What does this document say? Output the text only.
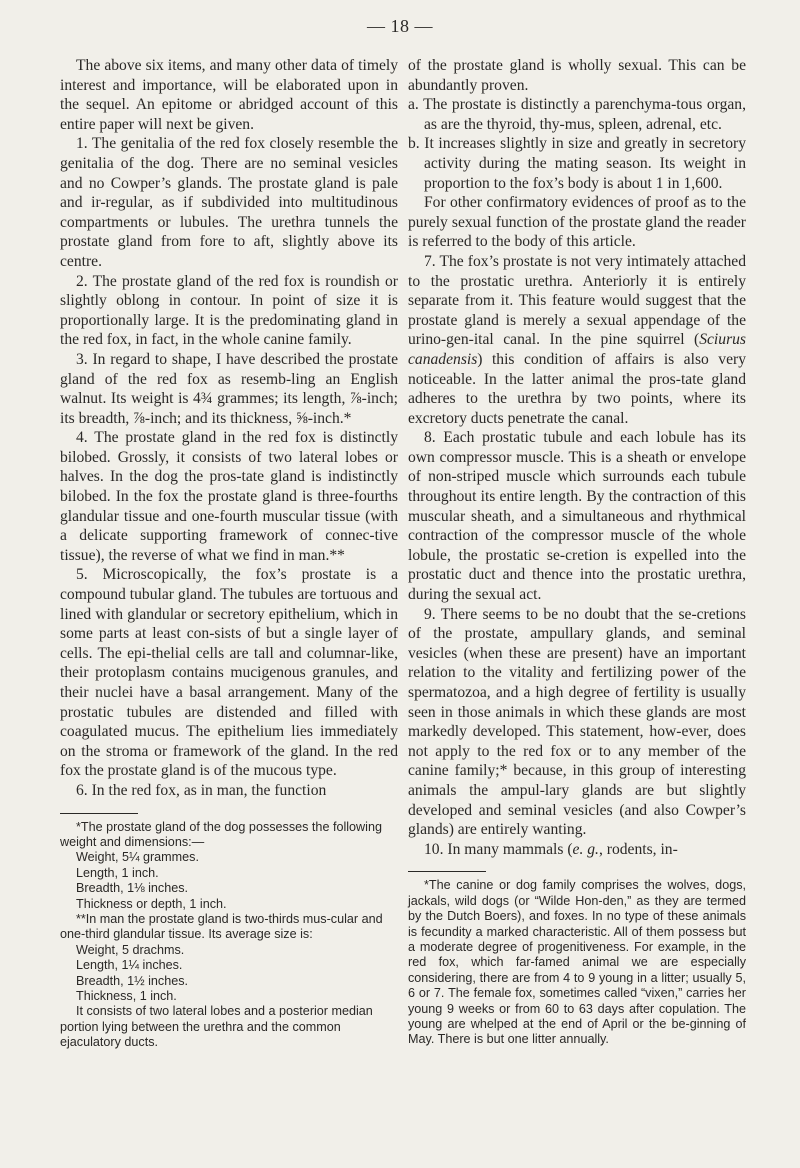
— 18 —

The above six items, and many other data of timely interest and importance, will be elaborated upon in the sequel. An epitome or abridged account of this entire paper will next be given.

1. The genitalia of the red fox closely resemble the genitalia of the dog. There are no seminal vesicles and no Cowper’s glands. The prostate gland is pale and ir-regular, as if subdivided into multitudinous compartments or lubules. The urethra tunnels the prostate gland from fore to aft, slightly above its centre.

2. The prostate gland of the red fox is roundish or slightly oblong in contour. In point of size it is proportionally large. It is the predominating gland in the red fox, in fact, in the whole canine family.

3. In regard to shape, I have described the prostate gland of the red fox as resemb-ling an English walnut. Its weight is 4¾ grammes; its length, ⅞-inch; its breadth, ⅞-inch; and its thickness, ⅝-inch.*

4. The prostate gland in the red fox is distinctly bilobed. Grossly, it consists of two lateral lobes or halves. In the dog the pros-tate gland is indistinctly bilobed. In the fox the prostate gland is three-fourths glandular tissue and one-fourth muscular tissue (with a delicate supporting framework of connec-tive tissue), the reverse of what we find in man.**

5. Microscopically, the fox’s prostate is a compound tubular gland. The tubules are tortuous and lined with glandular or secretory epithelium, which in some parts at least con-sists of but a single layer of cells. The epi-thelial cells are tall and columnar-like, their protoplasm contains mucigenous granules, and their nuclei have a basal arrangement. Many of the prostatic tubules are distended and filled with coagulated mucus. The epithelium lies immediately on the stroma or framework of the gland. In the red fox the prostate gland is of the mucous type.

6. In the red fox, as in man, the function

*The prostate gland of the dog possesses the following weight and dimensions:—

Weight, 5¼ grammes.

Length, 1 inch.

Breadth, 1⅛ inches.

Thickness or depth, 1 inch.

**In man the prostate gland is two-thirds mus-cular and one-third glandular tissue. Its average size is:

Weight, 5 drachms.

Length, 1¼ inches.

Breadth, 1½ inches.

Thickness, 1 inch.

It consists of two lateral lobes and a posterior median portion lying between the urethra and the common ejaculatory ducts.

of the prostate gland is wholly sexual. This can be abundantly proven.

a. The prostate is distinctly a parenchyma-tous organ, as are the thyroid, thy-mus, spleen, adrenal, etc.

b. It increases slightly in size and greatly in secretory activity during the mating season. Its weight in proportion to the fox’s body is about 1 in 1,600.

For other confirmatory evidences of proof as to the purely sexual function of the prostate gland the reader is referred to the body of this article.

7. The fox’s prostate is not very intimately attached to the prostatic urethra. Anteriorly it is entirely separate from it. This feature would suggest that the prostate gland is merely a sexual appendage of the urino-gen-ital canal. In the pine squirrel (Sciurus canadensis) this condition of affairs is also very noticeable. In the latter animal the pros-tate gland adheres to the urethra by two points, where its excretory ducts penetrate the canal.

8. Each prostatic tubule and each lobule has its own compressor muscle. This is a sheath or envelope of non-striped muscle which surrounds each tubule throughout its entire length. By the contraction of this muscular sheath, and a simultaneous and rhythmical contraction of the compressor muscle of the whole lobule, the prostatic se-cretion is expelled into the prostatic duct and thence into the prostatic urethra, during the sexual act.

9. There seems to be no doubt that the se-cretions of the prostate, ampullary glands, and seminal vesicles (when these are present) have an important relation to the vitality and fertilizing power of the spermatozoa, and a high degree of fertility is usually seen in those animals in which these glands are most markedly developed. This statement, how-ever, does not apply to the red fox or to any member of the canine family;* because, in this group of interesting animals the ampul-lary glands are but slightly developed and seminal vesicles (and also Cowper’s glands) are entirely wanting.

10. In many mammals (e. g., rodents, in-

*The canine or dog family comprises the wolves, dogs, jackals, wild dogs (or “Wilde Hon-den,” as they are termed by the Dutch Boers), and foxes. In no type of these animals is fecundity a marked characteristic. All of them possess but a moderate degree of progenitiveness. For example, in the red fox, which far-famed animal we are especially considering, there are from 4 to 9 young in a litter; usually 5, 6 or 7. The female fox, sometimes called “vixen,” carries her young 9 weeks or from 60 to 63 days after copulation. The young are whelped at the end of April or the be-ginning of May. There is but one litter annually.
